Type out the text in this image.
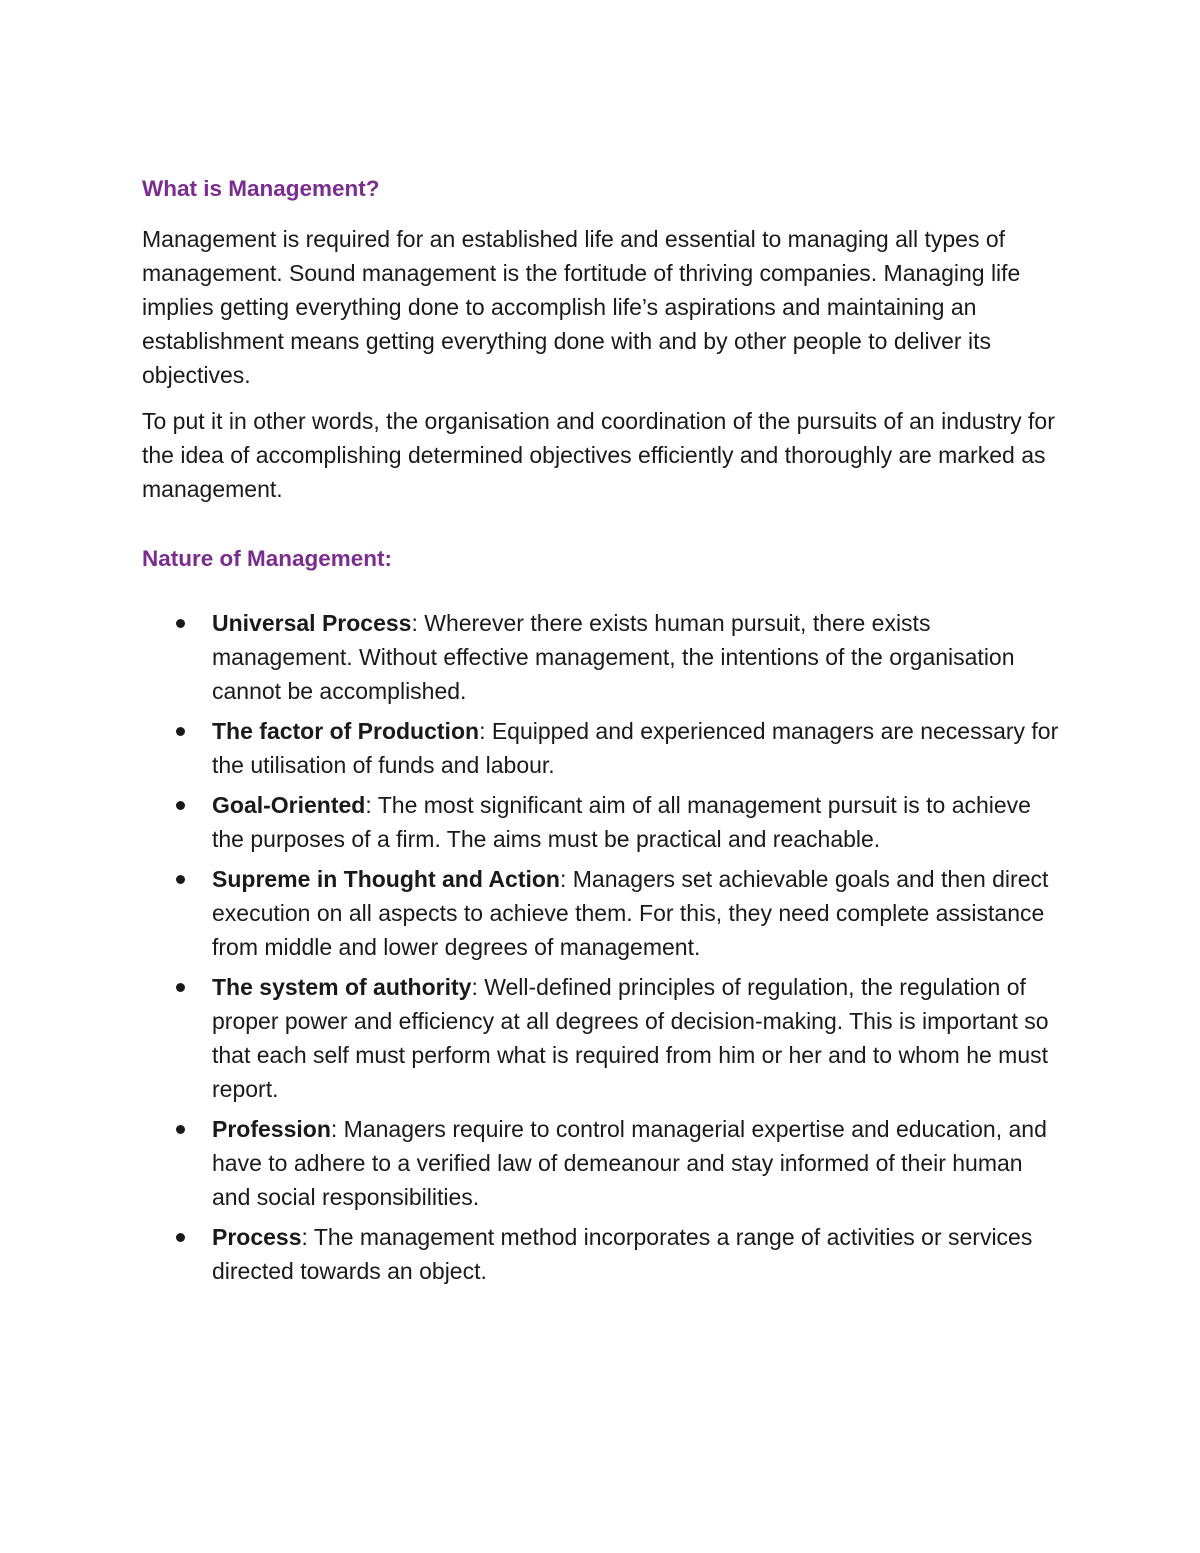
What is Management?

Management is required for an established life and essential to managing all types of management. Sound management is the fortitude of thriving companies. Managing life implies getting everything done to accomplish life’s aspirations and maintaining an establishment means getting everything done with and by other people to deliver its objectives.

To put it in other words, the organisation and coordination of the pursuits of an industry for the idea of accomplishing determined objectives efficiently and thoroughly are marked as management.

Nature of Management:
Universal Process: Wherever there exists human pursuit, there exists management. Without effective management, the intentions of the organisation cannot be accomplished.
The factor of Production: Equipped and experienced managers are necessary for the utilisation of funds and labour.
Goal-Oriented: The most significant aim of all management pursuit is to achieve the purposes of a firm. The aims must be practical and reachable.
Supreme in Thought and Action: Managers set achievable goals and then direct execution on all aspects to achieve them. For this, they need complete assistance from middle and lower degrees of management.
The system of authority: Well-defined principles of regulation, the regulation of proper power and efficiency at all degrees of decision-making. This is important so that each self must perform what is required from him or her and to whom he must report.
Profession: Managers require to control managerial expertise and education, and have to adhere to a verified law of demeanour and stay informed of their human and social responsibilities.
Process: The management method incorporates a range of activities or services directed towards an object.
